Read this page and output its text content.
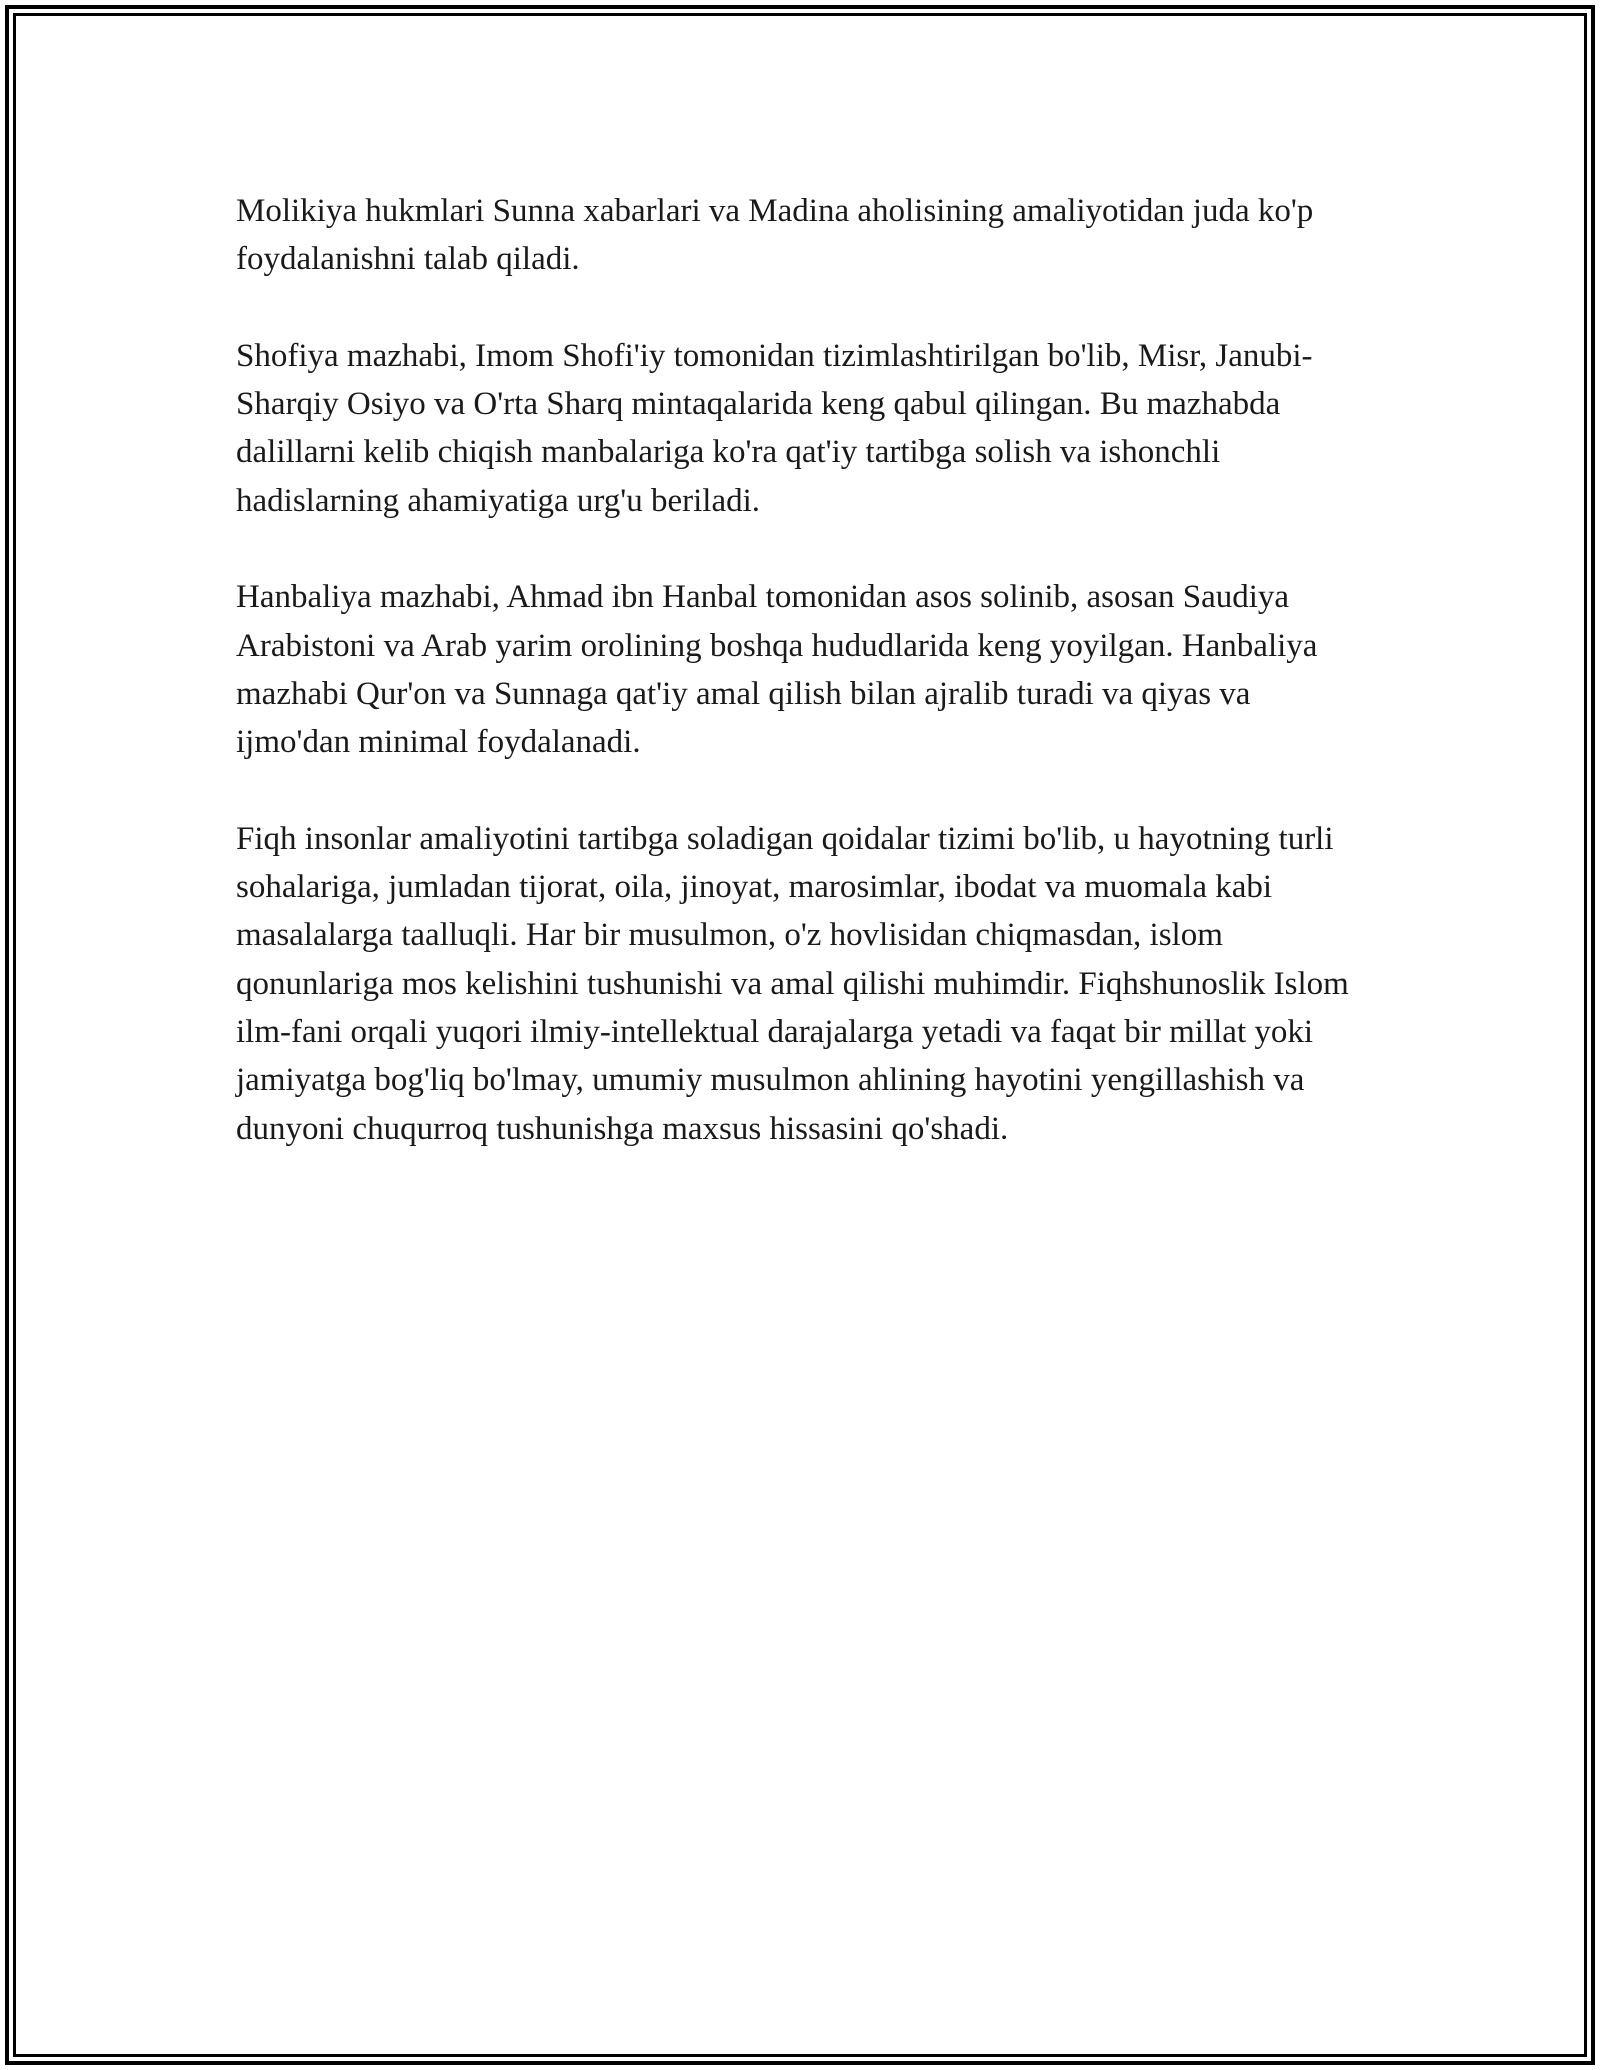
Molikiya hukmlari Sunna xabarlari va Madina aholisining amaliyotidan juda ko'p foydalanishni talab qiladi.

Shofiya mazhabi, Imom Shofi'iy tomonidan tizimlashtirilgan bo'lib, Misr, Janubi-Sharqiy Osiyo va O'rta Sharq mintaqalarida keng qabul qilingan. Bu mazhabda dalillarni kelib chiqish manbalariga ko'ra qat'iy tartibga solish va ishonchli hadislarning ahamiyatiga urg'u beriladi.

Hanbaliya mazhabi, Ahmad ibn Hanbal tomonidan asos solinib, asosan Saudiya Arabistoni va Arab yarim orolining boshqa hududlarida keng yoyilgan. Hanbaliya mazhabi Qur'on va Sunnaga qat'iy amal qilish bilan ajralib turadi va qiyas va ijmo'dan minimal foydalanadi.

Fiqh insonlar amaliyotini tartibga soladigan qoidalar tizimi bo'lib, u hayotning turli sohalariga, jumladan tijorat, oila, jinoyat, marosimlar, ibodat va muomala kabi masalalarga taalluqli. Har bir musulmon, o'z hovlisidan chiqmasdan, islom qonunlariga mos kelishini tushunishi va amal qilishi muhimdir. Fiqhshunoslik Islom ilm-fani orqali yuqori ilmiy-intellektual darajalarga yetadi va faqat bir millat yoki jamiyatga bog'liq bo'lmay, umumiy musulmon ahlining hayotini yengillashish va dunyoni chuqurroq tushunishga maxsus hissasini qo'shadi.
